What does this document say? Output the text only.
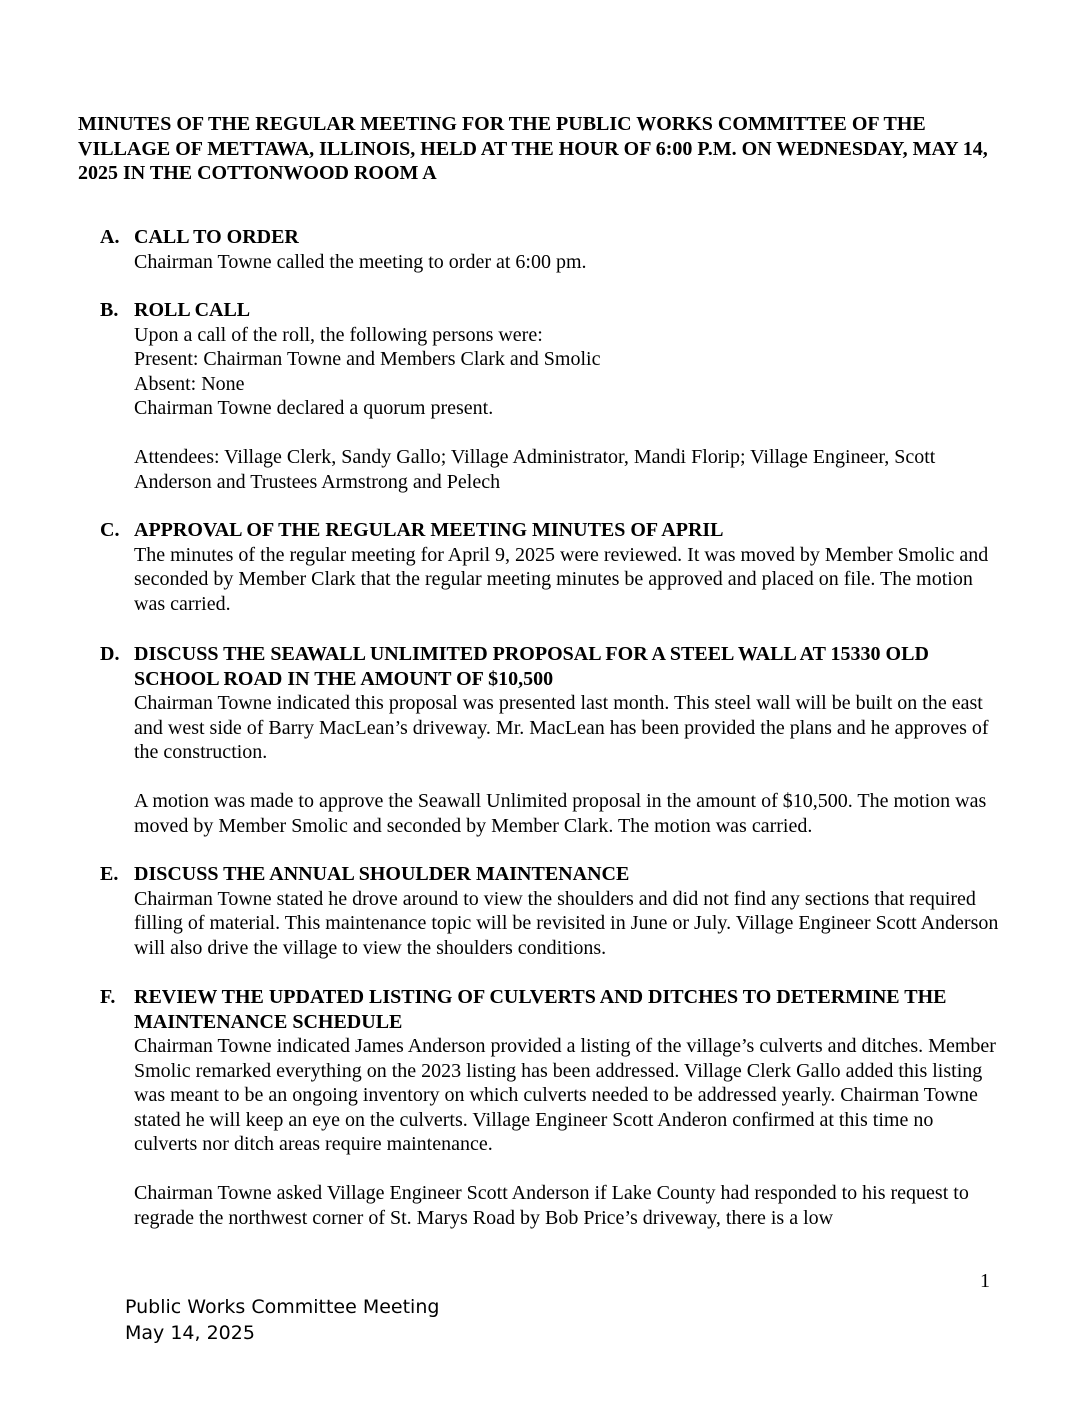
MINUTES OF THE REGULAR MEETING FOR THE PUBLIC WORKS COMMITTEE OF THE VILLAGE OF METTAWA, ILLINOIS, HELD AT THE HOUR OF 6:00 P.M. ON WEDNESDAY, MAY 14, 2025 IN THE COTTONWOOD ROOM A
A. CALL TO ORDER

Chairman Towne called the meeting to order at 6:00 pm.

B. ROLL CALL

Upon a call of the roll, the following persons were:

Present: Chairman Towne and Members Clark and Smolic

Absent: None

Chairman Towne declared a quorum present.

Attendees: Village Clerk, Sandy Gallo; Village Administrator, Mandi Florip; Village Engineer, Scott Anderson and Trustees Armstrong and Pelech

C. APPROVAL OF THE REGULAR MEETING MINUTES OF APRIL

The minutes of the regular meeting for April 9, 2025 were reviewed. It was moved by Member Smolic and seconded by Member Clark that the regular meeting minutes be approved and placed on file. The motion was carried.

D. DISCUSS THE SEAWALL UNLIMITED PROPOSAL FOR A STEEL WALL AT 15330 OLD SCHOOL ROAD IN THE AMOUNT OF $10,500

Chairman Towne indicated this proposal was presented last month. This steel wall will be built on the east and west side of Barry MacLean’s driveway. Mr. MacLean has been provided the plans and he approves of the construction.

A motion was made to approve the Seawall Unlimited proposal in the amount of $10,500. The motion was moved by Member Smolic and seconded by Member Clark. The motion was carried.

E. DISCUSS THE ANNUAL SHOULDER MAINTENANCE

Chairman Towne stated he drove around to view the shoulders and did not find any sections that required filling of material. This maintenance topic will be revisited in June or July. Village Engineer Scott Anderson will also drive the village to view the shoulders conditions.

F. REVIEW THE UPDATED LISTING OF CULVERTS AND DITCHES TO DETERMINE THE MAINTENANCE SCHEDULE

Chairman Towne indicated James Anderson provided a listing of the village’s culverts and ditches. Member Smolic remarked everything on the 2023 listing has been addressed. Village Clerk Gallo added this listing was meant to be an ongoing inventory on which culverts needed to be addressed yearly. Chairman Towne stated he will keep an eye on the culverts. Village Engineer Scott Anderon confirmed at this time no culverts nor ditch areas require maintenance.

Chairman Towne asked Village Engineer Scott Anderson if Lake County had responded to his request to regrade the northwest corner of St. Marys Road by Bob Price’s driveway, there is a low

1
Public Works Committee Meeting
May 14, 2025
